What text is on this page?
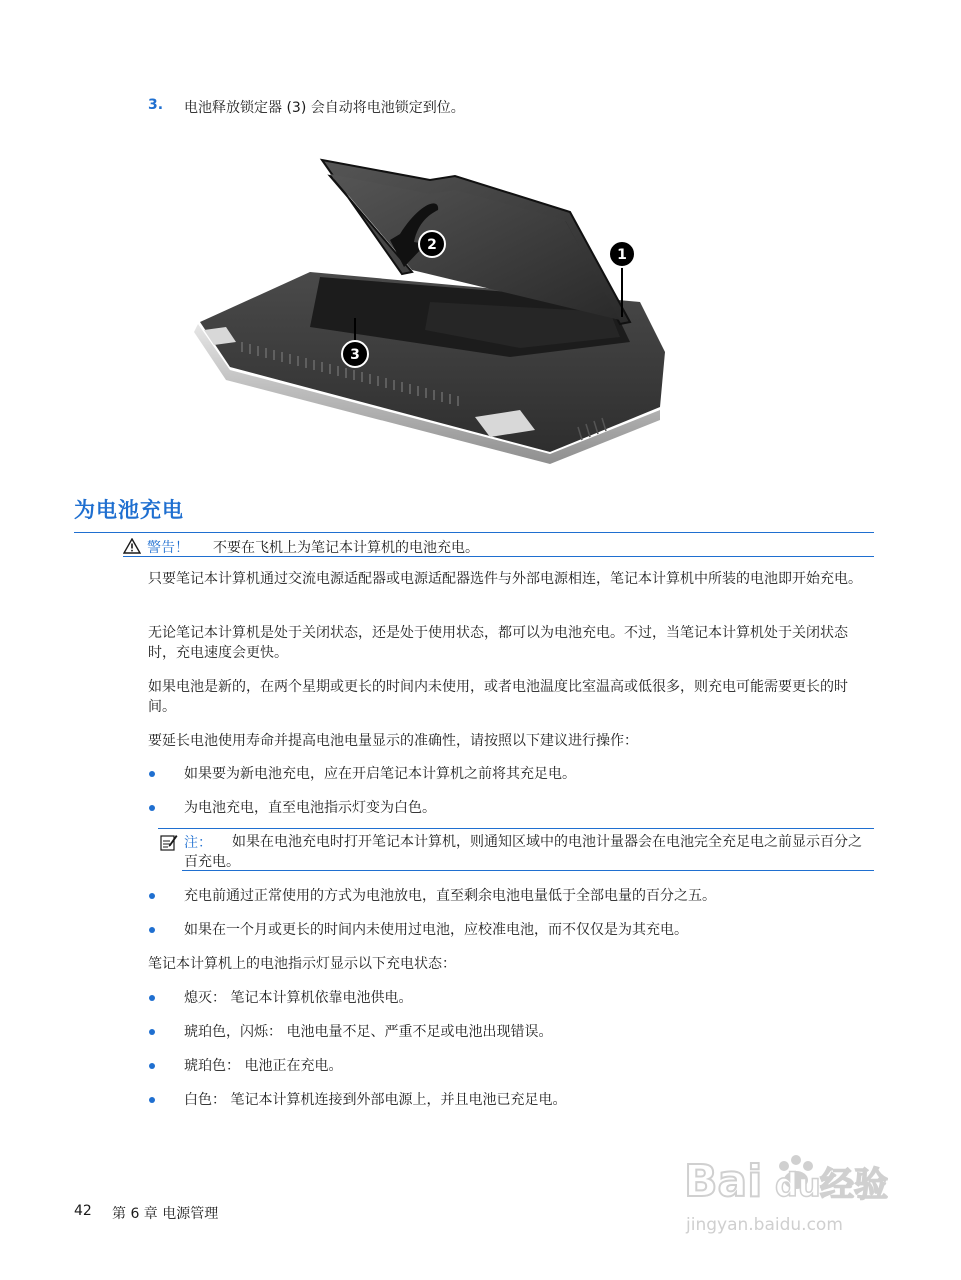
3. 电池释放锁定器 (3) 会自动将电池锁定到位。
2
1
3
为电池充电
警告！ 不要在飞机上为笔记本计算机的电池充电。
只要笔记本计算机通过交流电源适配器或电源适配器选件与外部电源相连，笔记本计算机中所装的电池即开始充电。
无论笔记本计算机是处于关闭状态，还是处于使用状态，都可以为电池充电。不过，当笔记本计算机处于关闭状态时，充电速度会更快。
如果电池是新的，在两个星期或更长的时间内未使用，或者电池温度比室温高或低很多，则充电可能需要更长的时间。
要延长电池使用寿命并提高电池电量显示的准确性，请按照以下建议进行操作：
如果要为新电池充电，应在开启笔记本计算机之前将其充足电。
为电池充电，直至电池指示灯变为白色。
注：	如果在电池充电时打开笔记本计算机，则通知区域中的电池计量器会在电池完全充足电之前显示百分之百充电。
充电前通过正常使用的方式为电池放电，直至剩余电池电量低于全部电量的百分之五。
如果在一个月或更长的时间内未使用过电池，应校准电池，而不仅仅是为其充电。
笔记本计算机上的电池指示灯显示以下充电状态：
熄灭： 笔记本计算机依靠电池供电。
琥珀色，闪烁： 电池电量不足、严重不足或电池出现错误。
琥珀色： 电池正在充电。
白色： 笔记本计算机连接到外部电源上，并且电池已充足电。
42 第 6 章 电源管理
Bai du 经验
jingyan.baidu.com
